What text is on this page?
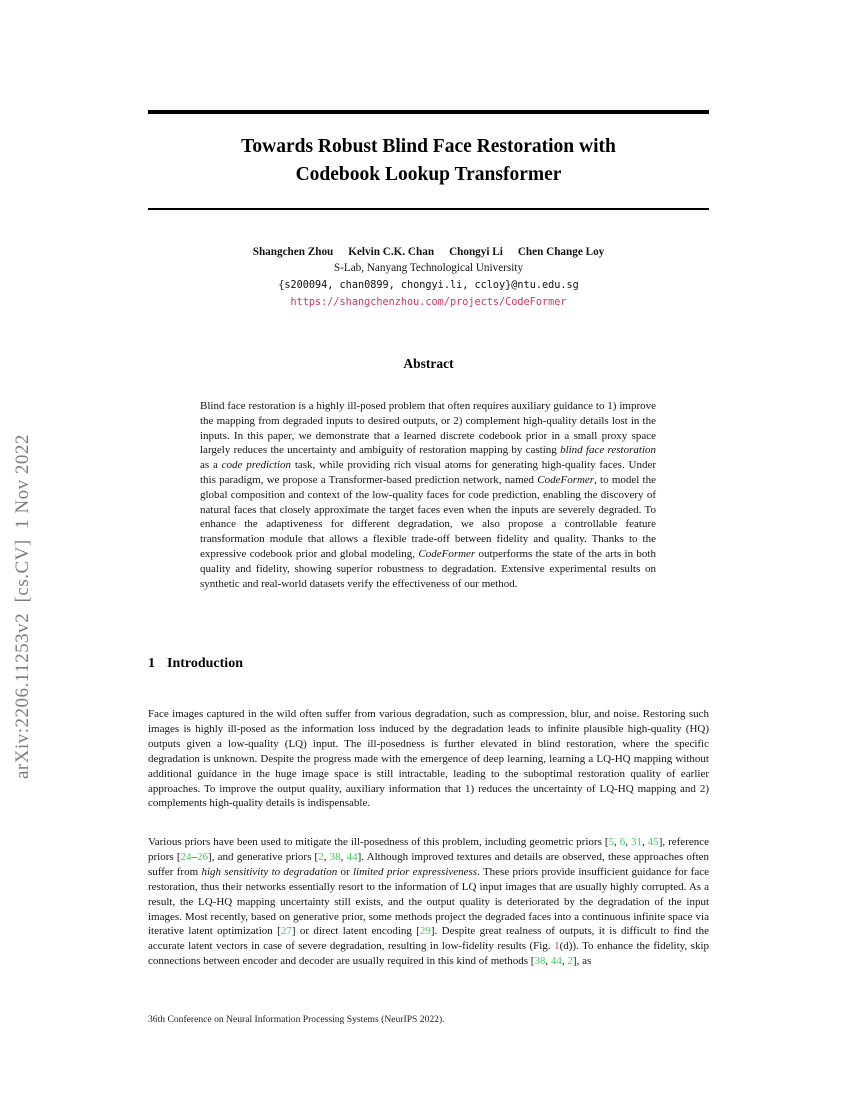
arXiv:2206.11253v2  [cs.CV]  1 Nov 2022
Towards Robust Blind Face Restoration with
Codebook Lookup Transformer
Shangchen Zhou Kelvin C.K. Chan Chongyi Li Chen Change Loy
S-Lab, Nanyang Technological University
{s200094, chan0899, chongyi.li, ccloy}@ntu.edu.sg
https://shangchenzhou.com/projects/CodeFormer
Abstract

Blind face restoration is a highly ill-posed problem that often requires auxiliary guidance to 1) improve the mapping from degraded inputs to desired outputs, or 2) complement high-quality details lost in the inputs. In this paper, we demonstrate that a learned discrete codebook prior in a small proxy space largely reduces the uncertainty and ambiguity of restoration mapping by casting blind face restoration as a code prediction task, while providing rich visual atoms for generating high-quality faces. Under this paradigm, we propose a Transformer-based prediction network, named CodeFormer, to model the global composition and context of the low-quality faces for code prediction, enabling the discovery of natural faces that closely approximate the target faces even when the inputs are severely degraded. To enhance the adaptiveness for different degradation, we also propose a controllable feature transformation module that allows a flexible trade-off between fidelity and quality. Thanks to the expressive codebook prior and global modeling, CodeFormer outperforms the state of the arts in both quality and fidelity, showing superior robustness to degradation. Extensive experimental results on synthetic and real-world datasets verify the effectiveness of our method.

1 Introduction

Face images captured in the wild often suffer from various degradation, such as compression, blur, and noise. Restoring such images is highly ill-posed as the information loss induced by the degradation leads to infinite plausible high-quality (HQ) outputs given a low-quality (LQ) input. The ill-posedness is further elevated in blind restoration, where the specific degradation is unknown. Despite the progress made with the emergence of deep learning, learning a LQ-HQ mapping without additional guidance in the huge image space is still intractable, leading to the suboptimal restoration quality of earlier approaches. To improve the output quality, auxiliary information that 1) reduces the uncertainty of LQ-HQ mapping and 2) complements high-quality details is indispensable.

Various priors have been used to mitigate the ill-posedness of this problem, including geometric priors [5, 6, 31, 45], reference priors [24–26], and generative priors [2, 38, 44]. Although improved textures and details are observed, these approaches often suffer from high sensitivity to degradation or limited prior expressiveness. These priors provide insufficient guidance for face restoration, thus their networks essentially resort to the information of LQ input images that are usually highly corrupted. As a result, the LQ-HQ mapping uncertainty still exists, and the output quality is deteriorated by the degradation of the input images. Most recently, based on generative prior, some methods project the degraded faces into a continuous infinite space via iterative latent optimization [27] or direct latent encoding [29]. Despite great realness of outputs, it is difficult to find the accurate latent vectors in case of severe degradation, resulting in low-fidelity results (Fig. 1(d)). To enhance the fidelity, skip connections between encoder and decoder are usually required in this kind of methods [38, 44, 2], as

36th Conference on Neural Information Processing Systems (NeurIPS 2022).
